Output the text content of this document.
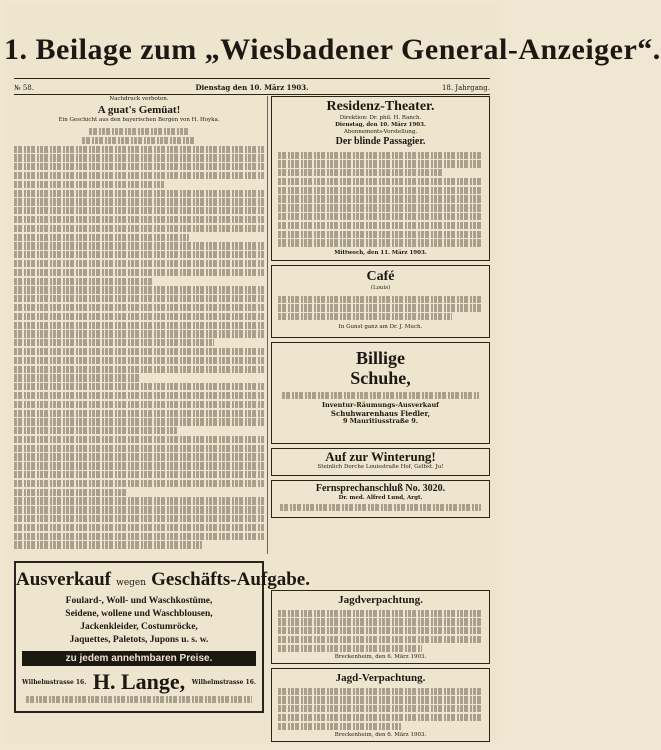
1. Beilage zum „Wiesbadener General-Anzeiger“.
№ 58.	Dienstag den 10. März 1903.	18. Jahrgang.
Nachdruck verboten.
A guat's Gemüat!
Ein Geschicht aus den bayerischen Bergen von H. Hoyka.
Residenz-Theater.
Direktion: Dr. phil. H. Ranch.
Dienstag, den 10. März 1903.
Abonnements-Vorstellung.
Der blinde Passagier.
Mittwoch, den 11. März 1903.
Café
(Louis)
In Gunst ganz am Dr. J. Much.
Billige
Schuhe,
Inventur-Räumungs-Ausverkauf
Schuhwarenhaus Fiedler,
9 Mauritiusstraße 9.
Auf zur Winterung!
Steinlich Dorche Louisstraße Hof, Gelbst. Ju!
Fernsprechanschluß No. 3020.
Dr. med. Alfred Lund, Argt.
Ausverkauf wegen Geschäfts-Aufgabe.
Foulard-, Woll- und Waschkostüme,
Seidene, wollene und Waschblousen,
Jackenkleider, Costumröcke,
Jaquettes, Paletots, Jupons u. s. w.
zu jedem annehmbaren Preise.
Wilhelmstrasse 16. H. Lange,	Wilhelmstrasse 16.
Jagdverpachtung.
Breckenheim, den 6. März 1903.
Jagd-Verpachtung.
Breckenheim, den 6. März 1903.
